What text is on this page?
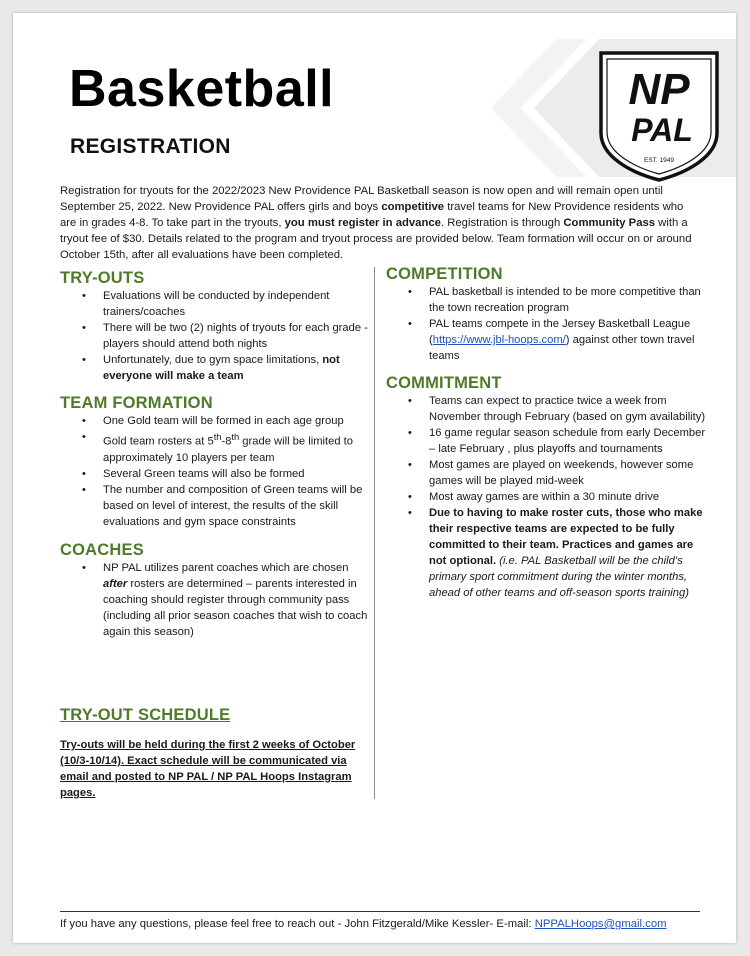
Basketball
REGISTRATION
NP
PAL
EST. 1949

Registration for tryouts for the 2022/2023 New Providence PAL Basketball season is now open and will remain open until September 25, 2022. New Providence PAL offers girls and boys competitive travel teams for New Providence residents who are in grades 4-8. To take part in the tryouts, you must register in advance. Registration is through Community Pass with a tryout fee of $30. Details related to the program and tryout process are provided below. Team formation will occur on or around October 15th, after all evaluations have been completed.

TRY-OUTS
• Evaluations will be conducted by independent trainers/coaches
• There will be two (2) nights of tryouts for each grade - players should attend both nights
• Unfortunately, due to gym space limitations, not everyone will make a team
TEAM FORMATION
• One Gold team will be formed in each age group
• Gold team rosters at 5th-8th grade will be limited to approximately 10 players per team
• Several Green teams will also be formed
• The number and composition of Green teams will be based on level of interest, the results of the skill evaluations and gym space constraints
COACHES
• NP PAL utilizes parent coaches which are chosen after rosters are determined – parents interested in coaching should register through community pass (including all prior season coaches that wish to coach again this season)
TRY-OUT SCHEDULE

Try-outs will be held during the first 2 weeks of October (10/3-10/14). Exact schedule will be communicated via email and posted to NP PAL / NP PAL Hoops Instagram pages.

COMPETITION
• PAL basketball is intended to be more competitive than the town recreation program
• PAL teams compete in the Jersey Basketball League (https://www.jbl-hoops.com/) against other town travel teams
COMMITMENT
• Teams can expect to practice twice a week from November through February (based on gym availability)
• 16 game regular season schedule from early December – late February , plus playoffs and tournaments
• Most games are played on weekends, however some games will be played mid-week
• Most away games are within a 30 minute drive
• Due to having to make roster cuts, those who make their respective teams are expected to be fully committed to their team. Practices and games are not optional. (i.e. PAL Basketball will be the child’s primary sport commitment during the winter months, ahead of other teams and off-season sports training)

If you have any questions, please feel free to reach out - John Fitzgerald/Mike Kessler- E-mail: NPPALHoops@gmail.com
